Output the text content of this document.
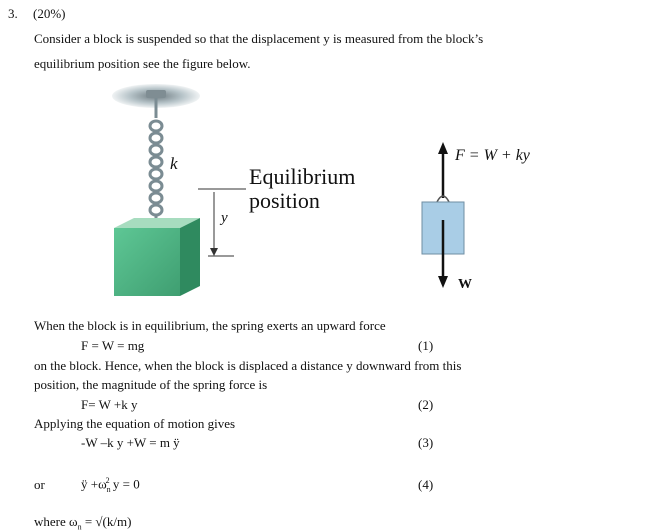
3. (20%)
Consider a block is suspended so that the displacement y is measured from the block’s
equilibrium position see the figure below.
k
y
Equilibrium
position
F = W + ky
W
When the block is in equilibrium, the spring exerts an upward force
F = W = mg	(1)
on the block. Hence, when the block is displaced a distance y downward from this
position, the magnitude of the spring force is
F= W +k y	(2)
Applying the equation of motion gives
-W –k y +W = m ÿ	(3)
or	ÿ $+\omega_n^2$ y = 0	(4)
where $\omega_n = √(k/m)$
